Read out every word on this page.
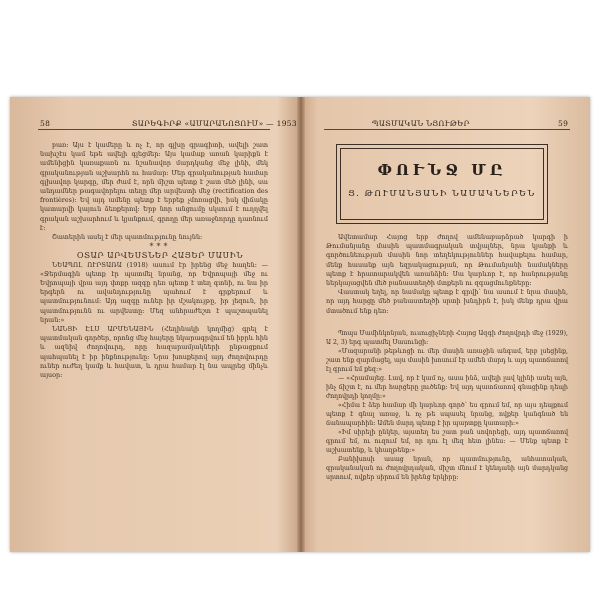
58	ՏԱՐԵԳԻՐՔ «ԱՄԱՐԱՆՈՑՈՒՄ» — 1953

բառ։ Այս է կամերը և ոչ է, որ գլխը գրագիտի, ավելի շատ նախշէս կամ եթե ավելի գլեցմեր։ Այս կամաք առան կարիքն է ամենիցին կառաքառն ու նշանավոր մարդկանց մեջ լինի, մեկ գրականության աշխարհն ու համար։ Մեր գրականության համար գլխավոր կարգը, մեր ժամ է, որն միշտ պետք է շատ մեծ լինի, սա անդամներ թագավորելու տեղը մեր արվեստի մեջ (rectification des frontières)։ Եվ այդ ամենը պետք է երբեք չմոռացվի, իսկ վիճակը կատարվի կայուն ձեռքերով։ Երբ նոր անցումը սկսում է ուղղվել գրական աշխարհում և կյանքում, գրողը մեր առաջնորդը դառնում է։

Շատերին ասել է մեր պատմությունը նույնն։

***

ՕՏԱՐ ԱՐՎԵՍՏՆԵՐ ՀԱՅԵՐ ՄԱՍԻՆ

ՆԵԱՊՈԼ ՈՒՐՏԱՌԱ (1918) ասում էր իրենց մեջ հաղեն։ — «Ջերմագին պետք էր պատմել նրանց, որ Եվրոպայի մեջ ու Եվրոպայի վրա այդ փոքր ազգը դեռ պետք է տեղ գտնի, ու նա իր երգերն ու ավանդությունը պահում է գրքերում և պատմությունում։ Այդ ազգը ուներ իր մշակույթը, իր լեզուն, իր պատմությունն ու արվեստը։ Մեզ անհրաժեշտ է պաշտպանել նրան։»

ՆԱՆՑԻ ԷԼՍ ԱՐՄԵՆԱՅԻՆ (Հեղինակի կողմից) գրել է պատմական գործեր, որոնց մեջ հայերը նկարագրվում են իբրև հին և ազնիվ ժողովուրդ, որը հազարամյակների ընթացքում պահպանել է իր ինքնությունը։ Նրա խոսքերով այդ ժողովուրդը ուներ ուժեղ կամք և հավատ, և դրա համար էլ նա ապրեց մինչև այսօր։

ՊԱՏՄԱԿԱՆ ՆՅՈՒԹԵՐ	59
ՓՈՒՆՋ ՄԸ
Ց. ԹՈՒՄԱՆՅԱՆԻ ՆԱՄԱԿՆԵՐԵՆ

Ավետամար Հայոց երբ ժողով ամենաբարձրած կարգի ի Թումանյանը մասին պատմագրական տվյալներ, նրա կյանքի և գործունեության մասին նոր տեղեկություններ հավաքելու համար, մենք հասանք այն եզրակացության, որ Թումանյանի նամակները պետք է հրատարակվեն առանձին։ Սա կարևոր է, որ հանրությանը ներկայացվեն մեծ բանաստեղծի մտքերն ու զգացմունքները։

Վաստակ եղել, որ նամակը պետք է գրվի՝ նա ասում է նրա մասին, որ այդ հարցը մեծ բանաստեղծի սրտի խնդիրն է, իսկ մենք դրա վրա մտածում ենք դեռ։

Պոպս Մամինկոնյան, ուսուցիչների Հայոց Ազգի ժողովրդի մեջ (1929), Ա 2, 3) երգ պատմել Սասունցի։

«Մազարանի թեթևոցի ու մեր մասին առաջին անգամ, երբ լսեցինք, շատ ենք զարմացել, այս մասին խոսում էր ամեն մարդ և այդ պատճառով էլ գրում եմ քեզ։»

— «Հրամայեց. Լավ, որ է կամ ոչ, ասա ինձ, ավելի լավ կլինի ասել այն, ինչ ճիշտ է, ու մեր հարցերը լուծենք։ Եվ այդ պատճառով գնացինք դեպի ժողովրդի կողմը։»

«Հիմա է ձեր համար մի կարևոր գործ՝ ես գրում եմ, որ այս դեպքում պետք է գնալ առաջ, և ոչ թե սպասել նրանց, ովքեր կանգնած են ճանապարհին։ Ամեն մարդ պետք է իր պարտքը կատարի։»

«Իմ սիրելի ընկեր, այստեղ ես շատ բան սովորեցի, այդ պատճառով գրում եմ, ու ուզում եմ, որ դու էլ մեզ հետ լինես։ — Մենք պետք է աշխատենք, և կհաղթենք։»

Բանիխոսի ասաց նրան, որ պատմությունը, անհատական, գրականական ու ժողովրդական, միշտ մնում է կենդանի այն մարդկանց սրտում, ովքեր սիրում են իրենց երկիրը։
